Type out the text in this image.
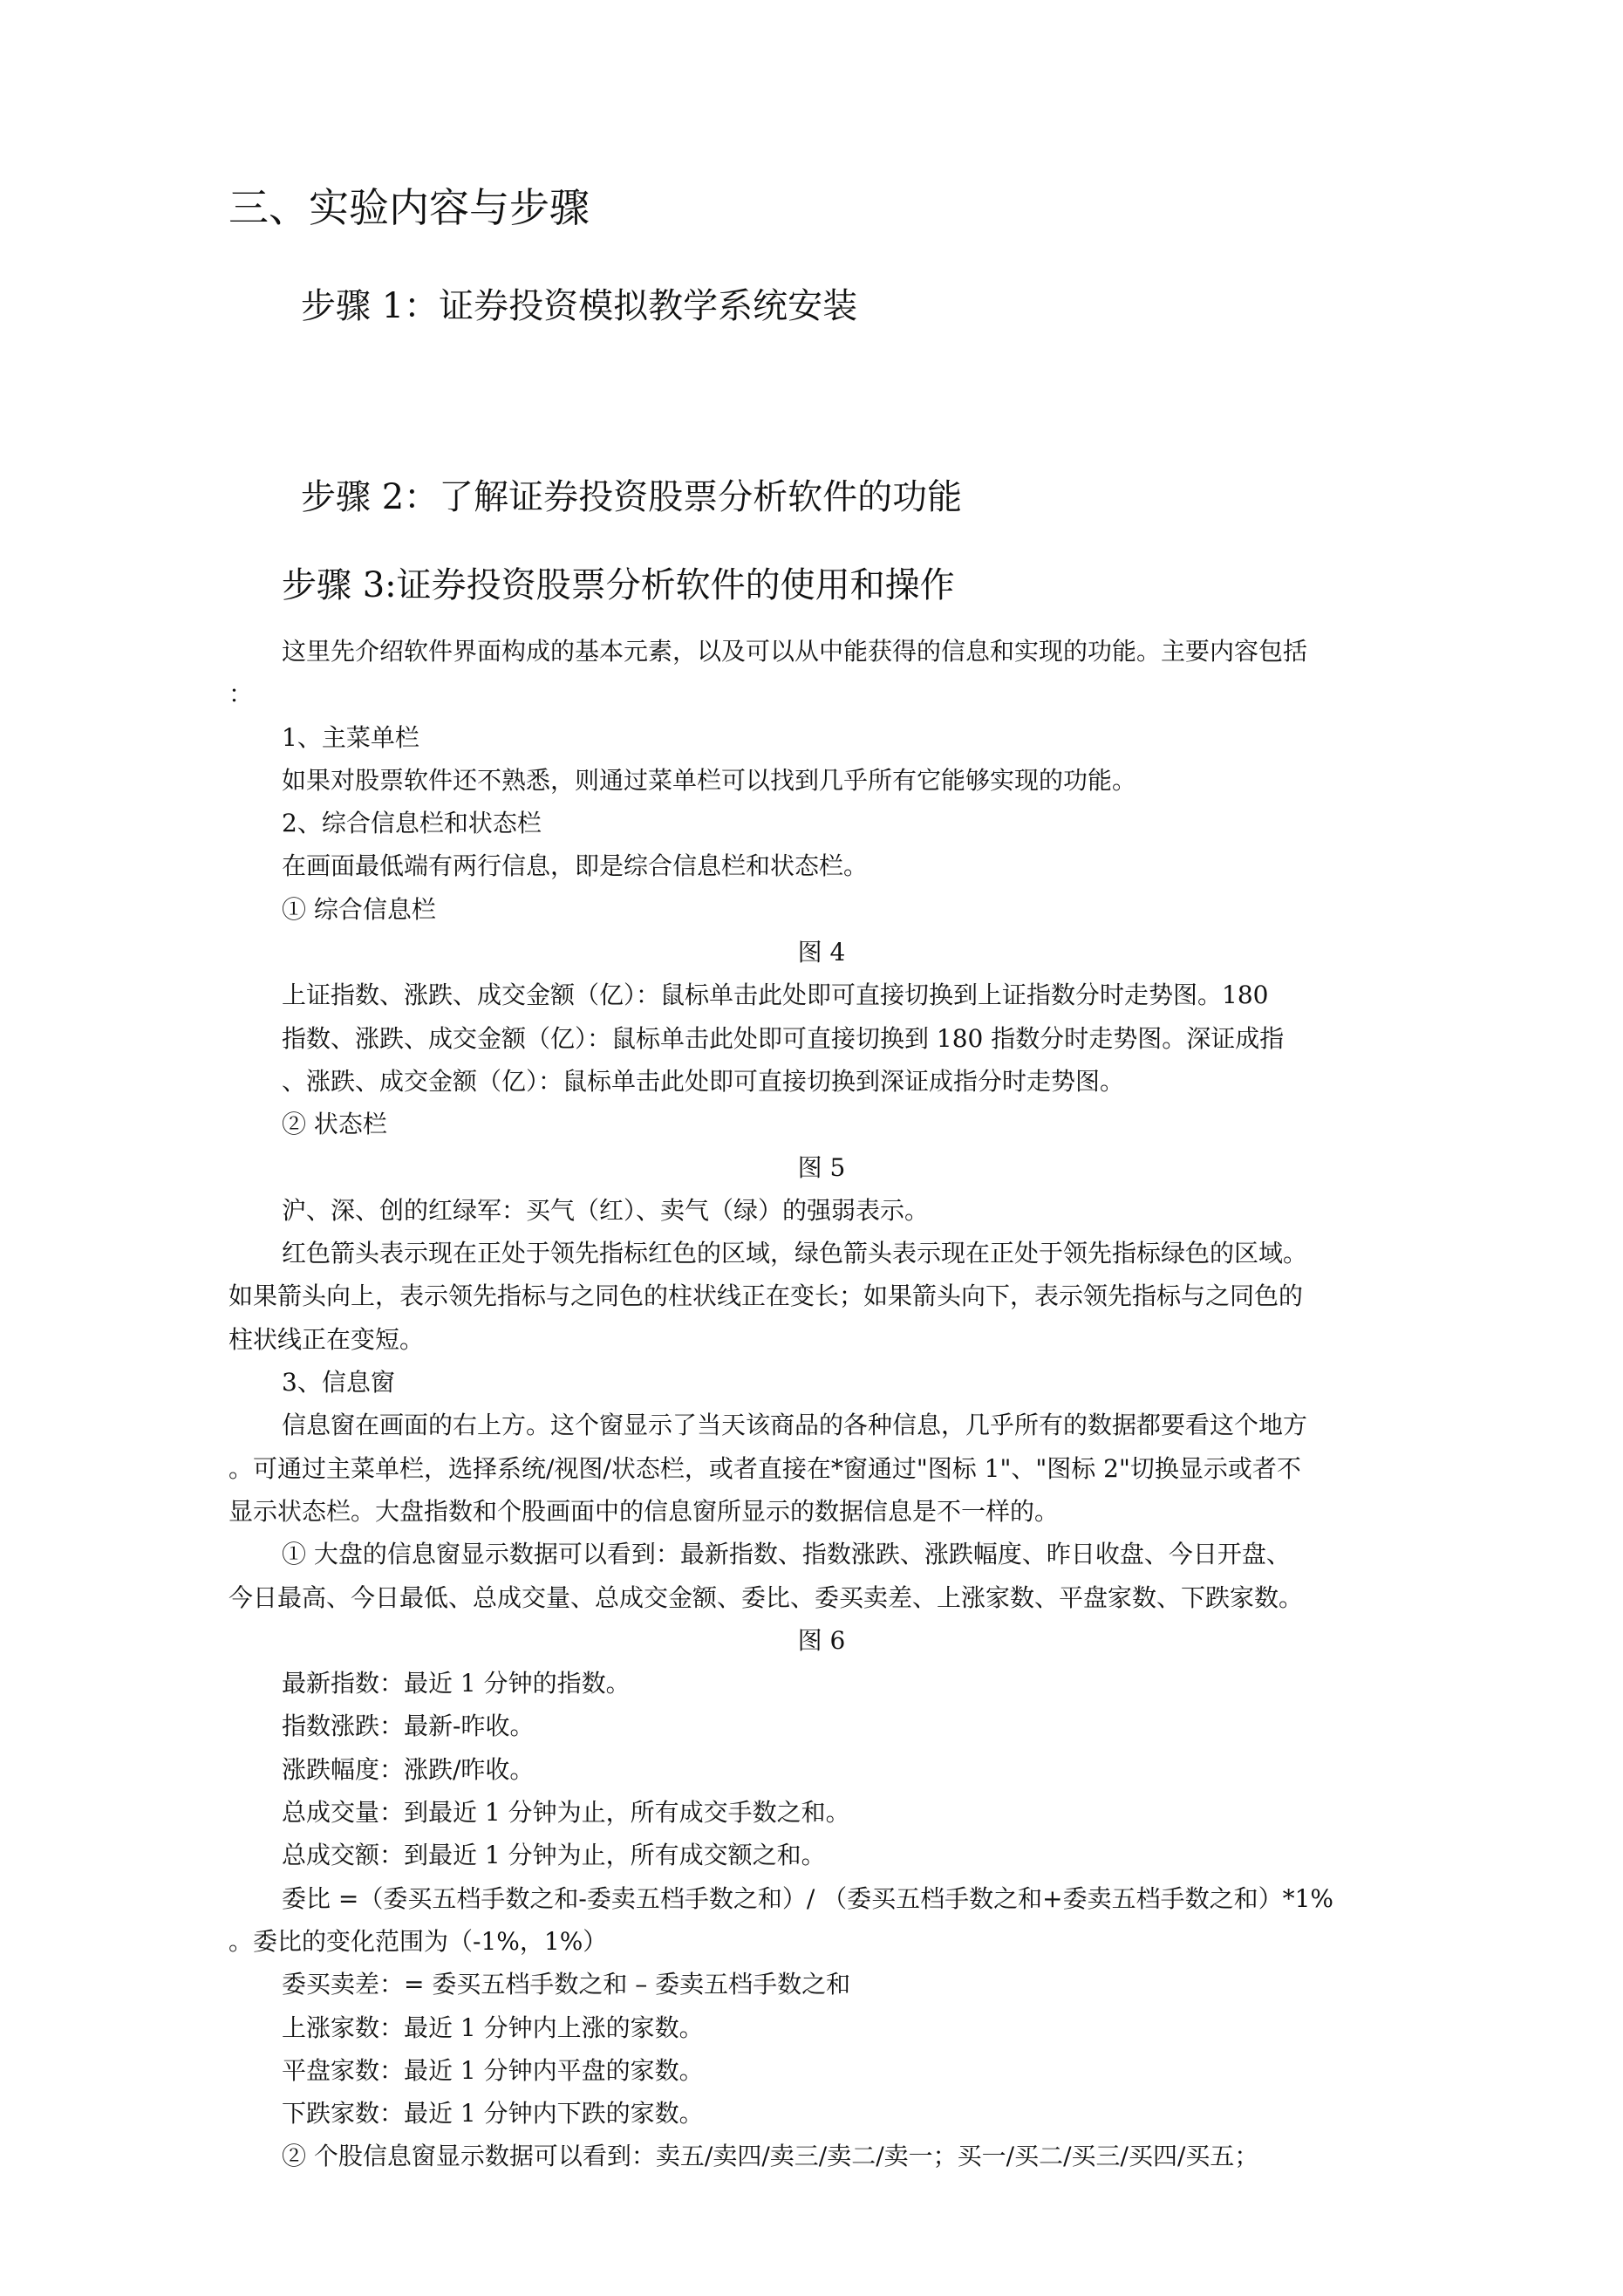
三、实验内容与步骤
步骤 1：证券投资模拟教学系统安装
步骤 2：了解证券投资股票分析软件的功能
步骤 3:证券投资股票分析软件的使用和操作

这里先介绍软件界面构成的基本元素，以及可以从中能获得的信息和实现的功能。主要内容包括

：

1、主菜单栏

如果对股票软件还不熟悉，则通过菜单栏可以找到几乎所有它能够实现的功能。

2、综合信息栏和状态栏

在画面最低端有两行信息，即是综合信息栏和状态栏。

① 综合信息栏

图 4

上证指数、涨跌、成交金额（亿）：鼠标单击此处即可直接切换到上证指数分时走势图。180

指数、涨跌、成交金额（亿）：鼠标单击此处即可直接切换到 180 指数分时走势图。深证成指

、涨跌、成交金额（亿）：鼠标单击此处即可直接切换到深证成指分时走势图。

② 状态栏

图 5

沪、深、创的红绿军：买气（红）、卖气（绿）的强弱表示。

红色箭头表示现在正处于领先指标红色的区域，绿色箭头表示现在正处于领先指标绿色的区域。

如果箭头向上，表示领先指标与之同色的柱状线正在变长；如果箭头向下，表示领先指标与之同色的

柱状线正在变短。

3、信息窗

信息窗在画面的右上方。这个窗显示了当天该商品的各种信息，几乎所有的数据都要看这个地方

。可通过主菜单栏，选择系统/视图/状态栏，或者直接在*窗通过"图标 1"、"图标 2"切换显示或者不

显示状态栏。大盘指数和个股画面中的信息窗所显示的数据信息是不一样的。

① 大盘的信息窗显示数据可以看到：最新指数、指数涨跌、涨跌幅度、昨日收盘、今日开盘、

今日最高、今日最低、总成交量、总成交金额、委比、委买卖差、上涨家数、平盘家数、下跌家数。

图 6

最新指数：最近 1 分钟的指数。

指数涨跌：最新-昨收。

涨跌幅度：涨跌/昨收。

总成交量：到最近 1 分钟为止，所有成交手数之和。

总成交额：到最近 1 分钟为止，所有成交额之和。

委比 =（委买五档手数之和-委卖五档手数之和）/ （委买五档手数之和+委卖五档手数之和）*1%

。委比的变化范围为（-1%，1%）

委买卖差：= 委买五档手数之和 – 委卖五档手数之和

上涨家数：最近 1 分钟内上涨的家数。

平盘家数：最近 1 分钟内平盘的家数。

下跌家数：最近 1 分钟内下跌的家数。

② 个股信息窗显示数据可以看到：卖五/卖四/卖三/卖二/卖一；买一/买二/买三/买四/买五；
